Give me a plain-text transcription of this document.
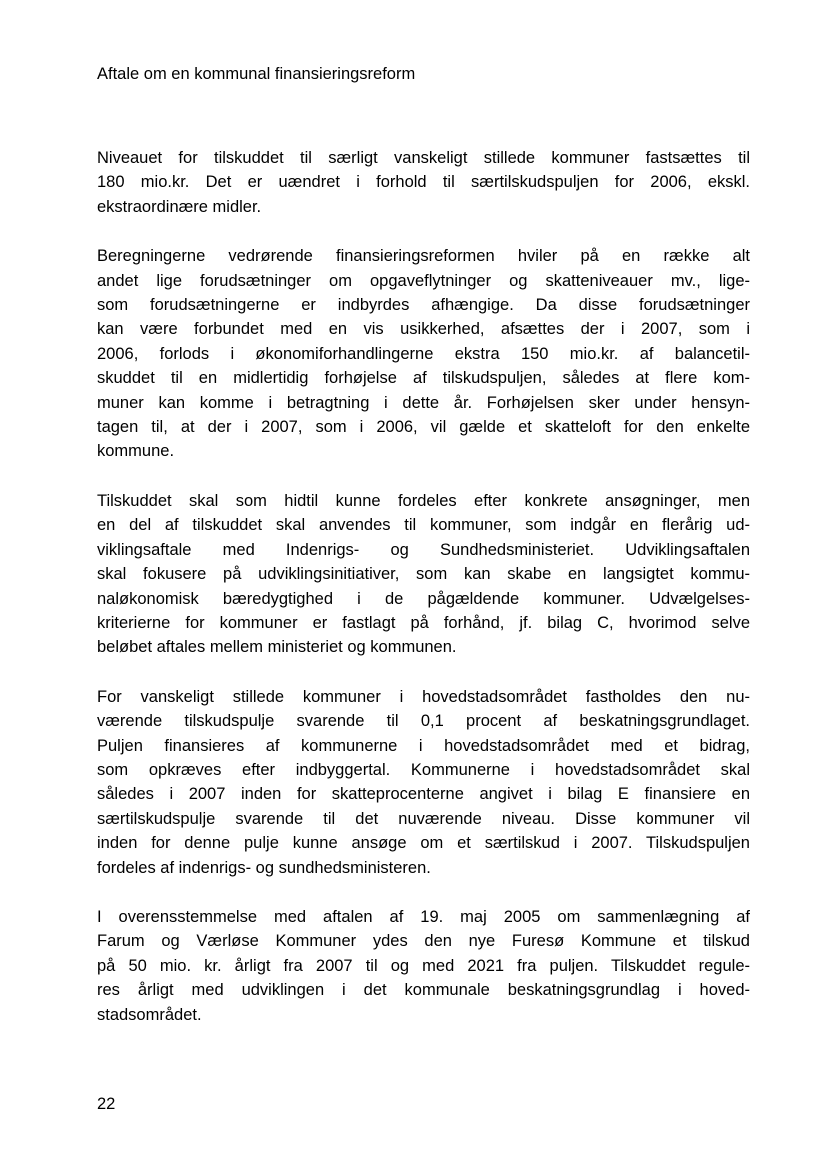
Aftale om en kommunal finansieringsreform
Niveauet for tilskuddet til særligt vanskeligt stillede kommuner fastsættes til
180 mio.kr. Det er uændret i forhold til særtilskudspuljen for 2006, ekskl.
ekstraordinære midler.
Beregningerne vedrørende finansieringsreformen hviler på en række alt
andet lige forudsætninger om opgaveflytninger og skatteniveauer mv., lige-
som forudsætningerne er indbyrdes afhængige. Da disse forudsætninger
kan være forbundet med en vis usikkerhed, afsættes der i 2007, som i
2006, forlods i økonomiforhandlingerne ekstra 150 mio.kr. af balancetil-
skuddet til en midlertidig forhøjelse af tilskudspuljen, således at flere kom-
muner kan komme i betragtning i dette år. Forhøjelsen sker under hensyn-
tagen til, at der i 2007, som i 2006, vil gælde et skatteloft for den enkelte
kommune.
Tilskuddet skal som hidtil kunne fordeles efter konkrete ansøgninger, men
en del af tilskuddet skal anvendes til kommuner, som indgår en flerårig ud-
viklingsaftale med Indenrigs- og Sundhedsministeriet. Udviklingsaftalen
skal fokusere på udviklingsinitiativer, som kan skabe en langsigtet kommu-
naløkonomisk bæredygtighed i de pågældende kommuner. Udvælgelses-
kriterierne for kommuner er fastlagt på forhånd, jf. bilag C, hvorimod selve
beløbet aftales mellem ministeriet og kommunen.
For vanskeligt stillede kommuner i hovedstadsområdet fastholdes den nu-
værende tilskudspulje svarende til 0,1 procent af beskatningsgrundlaget.
Puljen finansieres af kommunerne i hovedstadsområdet med et bidrag,
som opkræves efter indbyggertal. Kommunerne i hovedstadsområdet skal
således i 2007 inden for skatteprocenterne angivet i bilag E finansiere en
særtilskudspulje svarende til det nuværende niveau. Disse kommuner vil
inden for denne pulje kunne ansøge om et særtilskud i 2007. Tilskudspuljen
fordeles af indenrigs- og sundhedsministeren.
I overensstemmelse med aftalen af 19. maj 2005 om sammenlægning af
Farum og Værløse Kommuner ydes den nye Furesø Kommune et tilskud
på 50 mio. kr. årligt fra 2007 til og med 2021 fra puljen. Tilskuddet regule-
res årligt med udviklingen i det kommunale beskatningsgrundlag i hoved-
stadsområdet.
22
